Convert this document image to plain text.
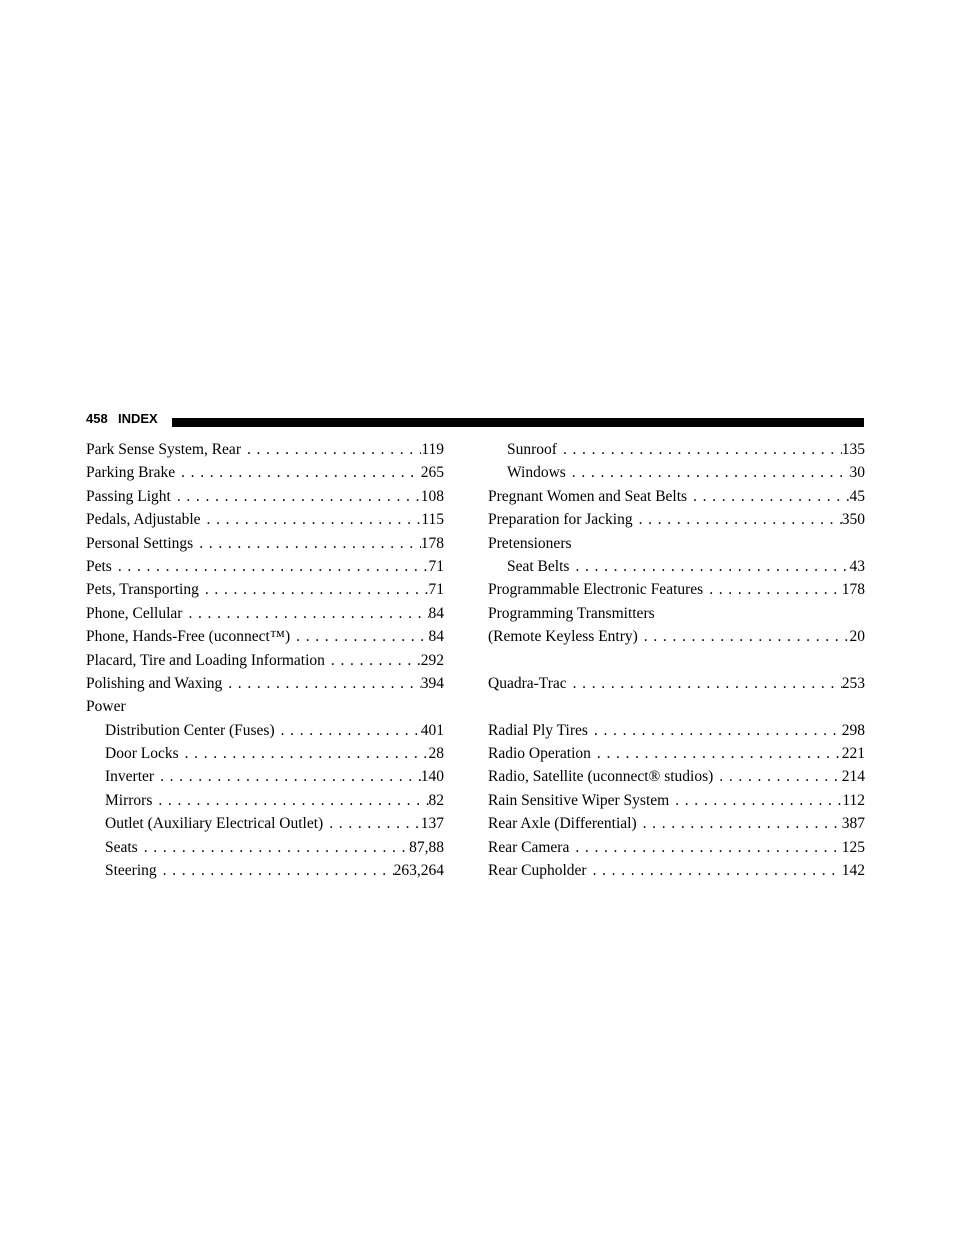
458 INDEX
Park Sense System, Rear . . .	119
Parking Brake . . .	265
Passing Light . . .	108
Pedals, Adjustable . . .	115
Personal Settings . . .	178
Pets . . .	71
Pets, Transporting . . .	71
Phone, Cellular . . .	84
Phone, Hands-Free (uconnect™) . . .	84
Placard, Tire and Loading Information . . .	292
Polishing and Waxing . . .	394
Power
Distribution Center (Fuses) . . .	401
Door Locks . . .	28
Inverter . . .	140
Mirrors . . .	82
Outlet (Auxiliary Electrical Outlet) . . .	137
Seats . . .	87,88
Steering . . .	263,264
Sunroof . . .	135
Windows . . .	30
Pregnant Women and Seat Belts . . .	45
Preparation for Jacking . . .	350
Pretensioners
Seat Belts . . .	43
Programmable Electronic Features . . .	178
Programming Transmitters
(Remote Keyless Entry) . . .	20
Quadra-Trac . . .	253
Radial Ply Tires . . .	298
Radio Operation . . .	221
Radio, Satellite (uconnect® studios) . . .	214
Rain Sensitive Wiper System . . .	112
Rear Axle (Differential) . . .	387
Rear Camera . . .	125
Rear Cupholder . . .	142
